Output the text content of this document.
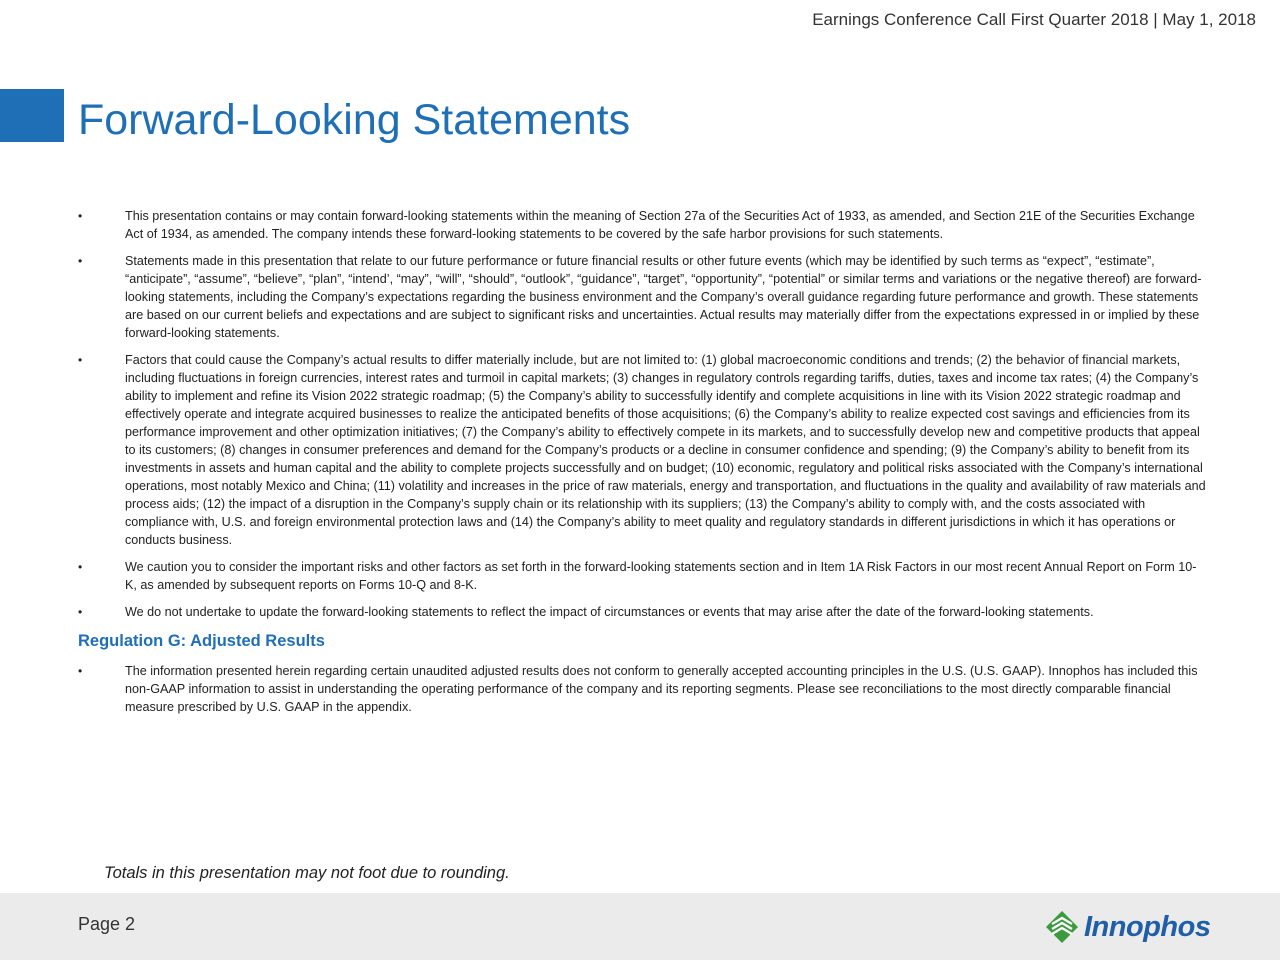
Earnings Conference Call First Quarter 2018 | May 1, 2018
Forward-Looking Statements
•	This presentation contains or may contain forward-looking statements within the meaning of Section 27a of the Securities Act of 1933, as amended, and Section 21E of the Securities Exchange Act of 1934, as amended. The company intends these forward-looking statements to be covered by the safe harbor provisions for such statements.
•	Statements made in this presentation that relate to our future performance or future financial results or other future events (which may be identified by such terms as “expect”, “estimate”, “anticipate”, “assume”, “believe”, “plan”, “intend’, “may”, “will”, “should”, “outlook”, “guidance”, “target”, “opportunity”, “potential” or similar terms and variations or the negative thereof) are forward-looking statements, including the Company’s expectations regarding the business environment and the Company’s overall guidance regarding future performance and growth. These statements are based on our current beliefs and expectations and are subject to significant risks and uncertainties. Actual results may materially differ from the expectations expressed in or implied by these forward-looking statements.
•	Factors that could cause the Company’s actual results to differ materially include, but are not limited to: (1) global macroeconomic conditions and trends; (2) the behavior of financial markets, including fluctuations in foreign currencies, interest rates and turmoil in capital markets; (3) changes in regulatory controls regarding tariffs, duties, taxes and income tax rates; (4) the Company’s ability to implement and refine its Vision 2022 strategic roadmap; (5) the Company’s ability to successfully identify and complete acquisitions in line with its Vision 2022 strategic roadmap and effectively operate and integrate acquired businesses to realize the anticipated benefits of those acquisitions; (6) the Company’s ability to realize expected cost savings and efficiencies from its performance improvement and other optimization initiatives; (7) the Company’s ability to effectively compete in its markets, and to successfully develop new and competitive products that appeal to its customers; (8) changes in consumer preferences and demand for the Company’s products or a decline in consumer confidence and spending; (9) the Company’s ability to benefit from its investments in assets and human capital and the ability to complete projects successfully and on budget; (10) economic, regulatory and political risks associated with the Company’s international operations, most notably Mexico and China; (11) volatility and increases in the price of raw materials, energy and transportation, and fluctuations in the quality and availability of raw materials and process aids; (12) the impact of a disruption in the Company’s supply chain or its relationship with its suppliers; (13) the Company’s ability to comply with, and the costs associated with compliance with, U.S. and foreign environmental protection laws and (14) the Company’s ability to meet quality and regulatory standards in different jurisdictions in which it has operations or conducts business.
•	We caution you to consider the important risks and other factors as set forth in the forward-looking statements section and in Item 1A Risk Factors in our most recent Annual Report on Form 10-K, as amended by subsequent reports on Forms 10-Q and 8-K.
•	We do not undertake to update the forward-looking statements to reflect the impact of circumstances or events that may arise after the date of the forward-looking statements.
Regulation G: Adjusted Results
•	The information presented herein regarding certain unaudited adjusted results does not conform to generally accepted accounting principles in the U.S. (U.S. GAAP). Innophos has included this non-GAAP information to assist in understanding the operating performance of the company and its reporting segments. Please see reconciliations to the most directly comparable financial measure prescribed by U.S. GAAP in the appendix.
Totals in this presentation may not foot due to rounding.
Page 2	Innophos
